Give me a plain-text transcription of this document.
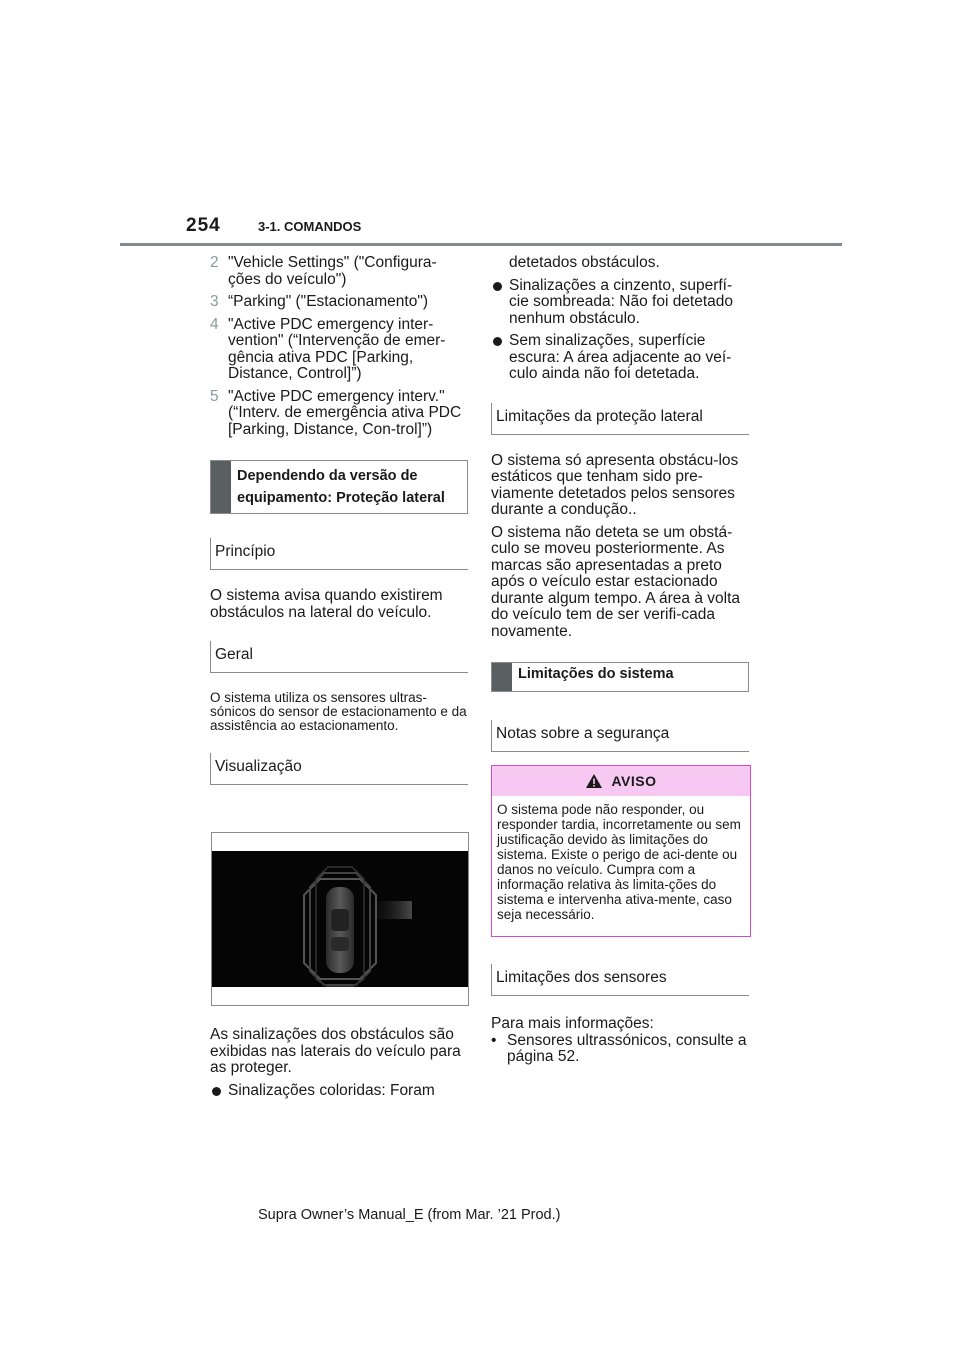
254	3-1. COMANDOS
2 "Vehicle Settings" ("Configura-ções do veículo")
3 “Parking" ("Estacionamento")
4 "Active PDC emergency inter-vention" (“Intervenção de emer-gência ativa PDC [Parking, Distance, Control]”)
5 "Active PDC emergency interv." (“Interv. de emergência ativa PDC [Parking, Distance, Con-trol]”)
Dependendo da versão de equipamento: Proteção lateral
Princípio

O sistema avisa quando existirem obstáculos na lateral do veículo.

Geral

O sistema utiliza os sensores ultras-sónicos do sensor de estacionamento e da assistência ao estacionamento.

Visualização

As sinalizações dos obstáculos são exibidas nas laterais do veículo para as proteger.

Sinalizações coloridas: Foram

detetados obstáculos.

Sinalizações a cinzento, superfí-cie sombreada: Não foi detetado nenhum obstáculo.
Sem sinalizações, superfície escura: A área adjacente ao veí-culo ainda não foi detetada.
Limitações da proteção lateral

O sistema só apresenta obstácu-los estáticos que tenham sido pre-viamente detetados pelos sensores durante a condução..

O sistema não deteta se um obstá-culo se moveu posteriormente. As marcas são apresentadas a preto após o veículo estar estacionado durante algum tempo. A área à volta do veículo tem de ser verifi-cada novamente.

Limitações do sistema
Notas sobre a segurança
AVISO
O sistema pode não responder, ou responder tardia, incorretamente ou sem justificação devido às limitações do sistema. Existe o perigo de aci-dente ou danos no veículo. Cumpra com a informação relativa às limita-ções do sistema e intervenha ativa-mente, caso seja necessário.
Limitações dos sensores

Para mais informações:

• Sensores ultrassónicos, consulte a página 52.
Supra Owner’s Manual_E (from Mar. ’21 Prod.)
